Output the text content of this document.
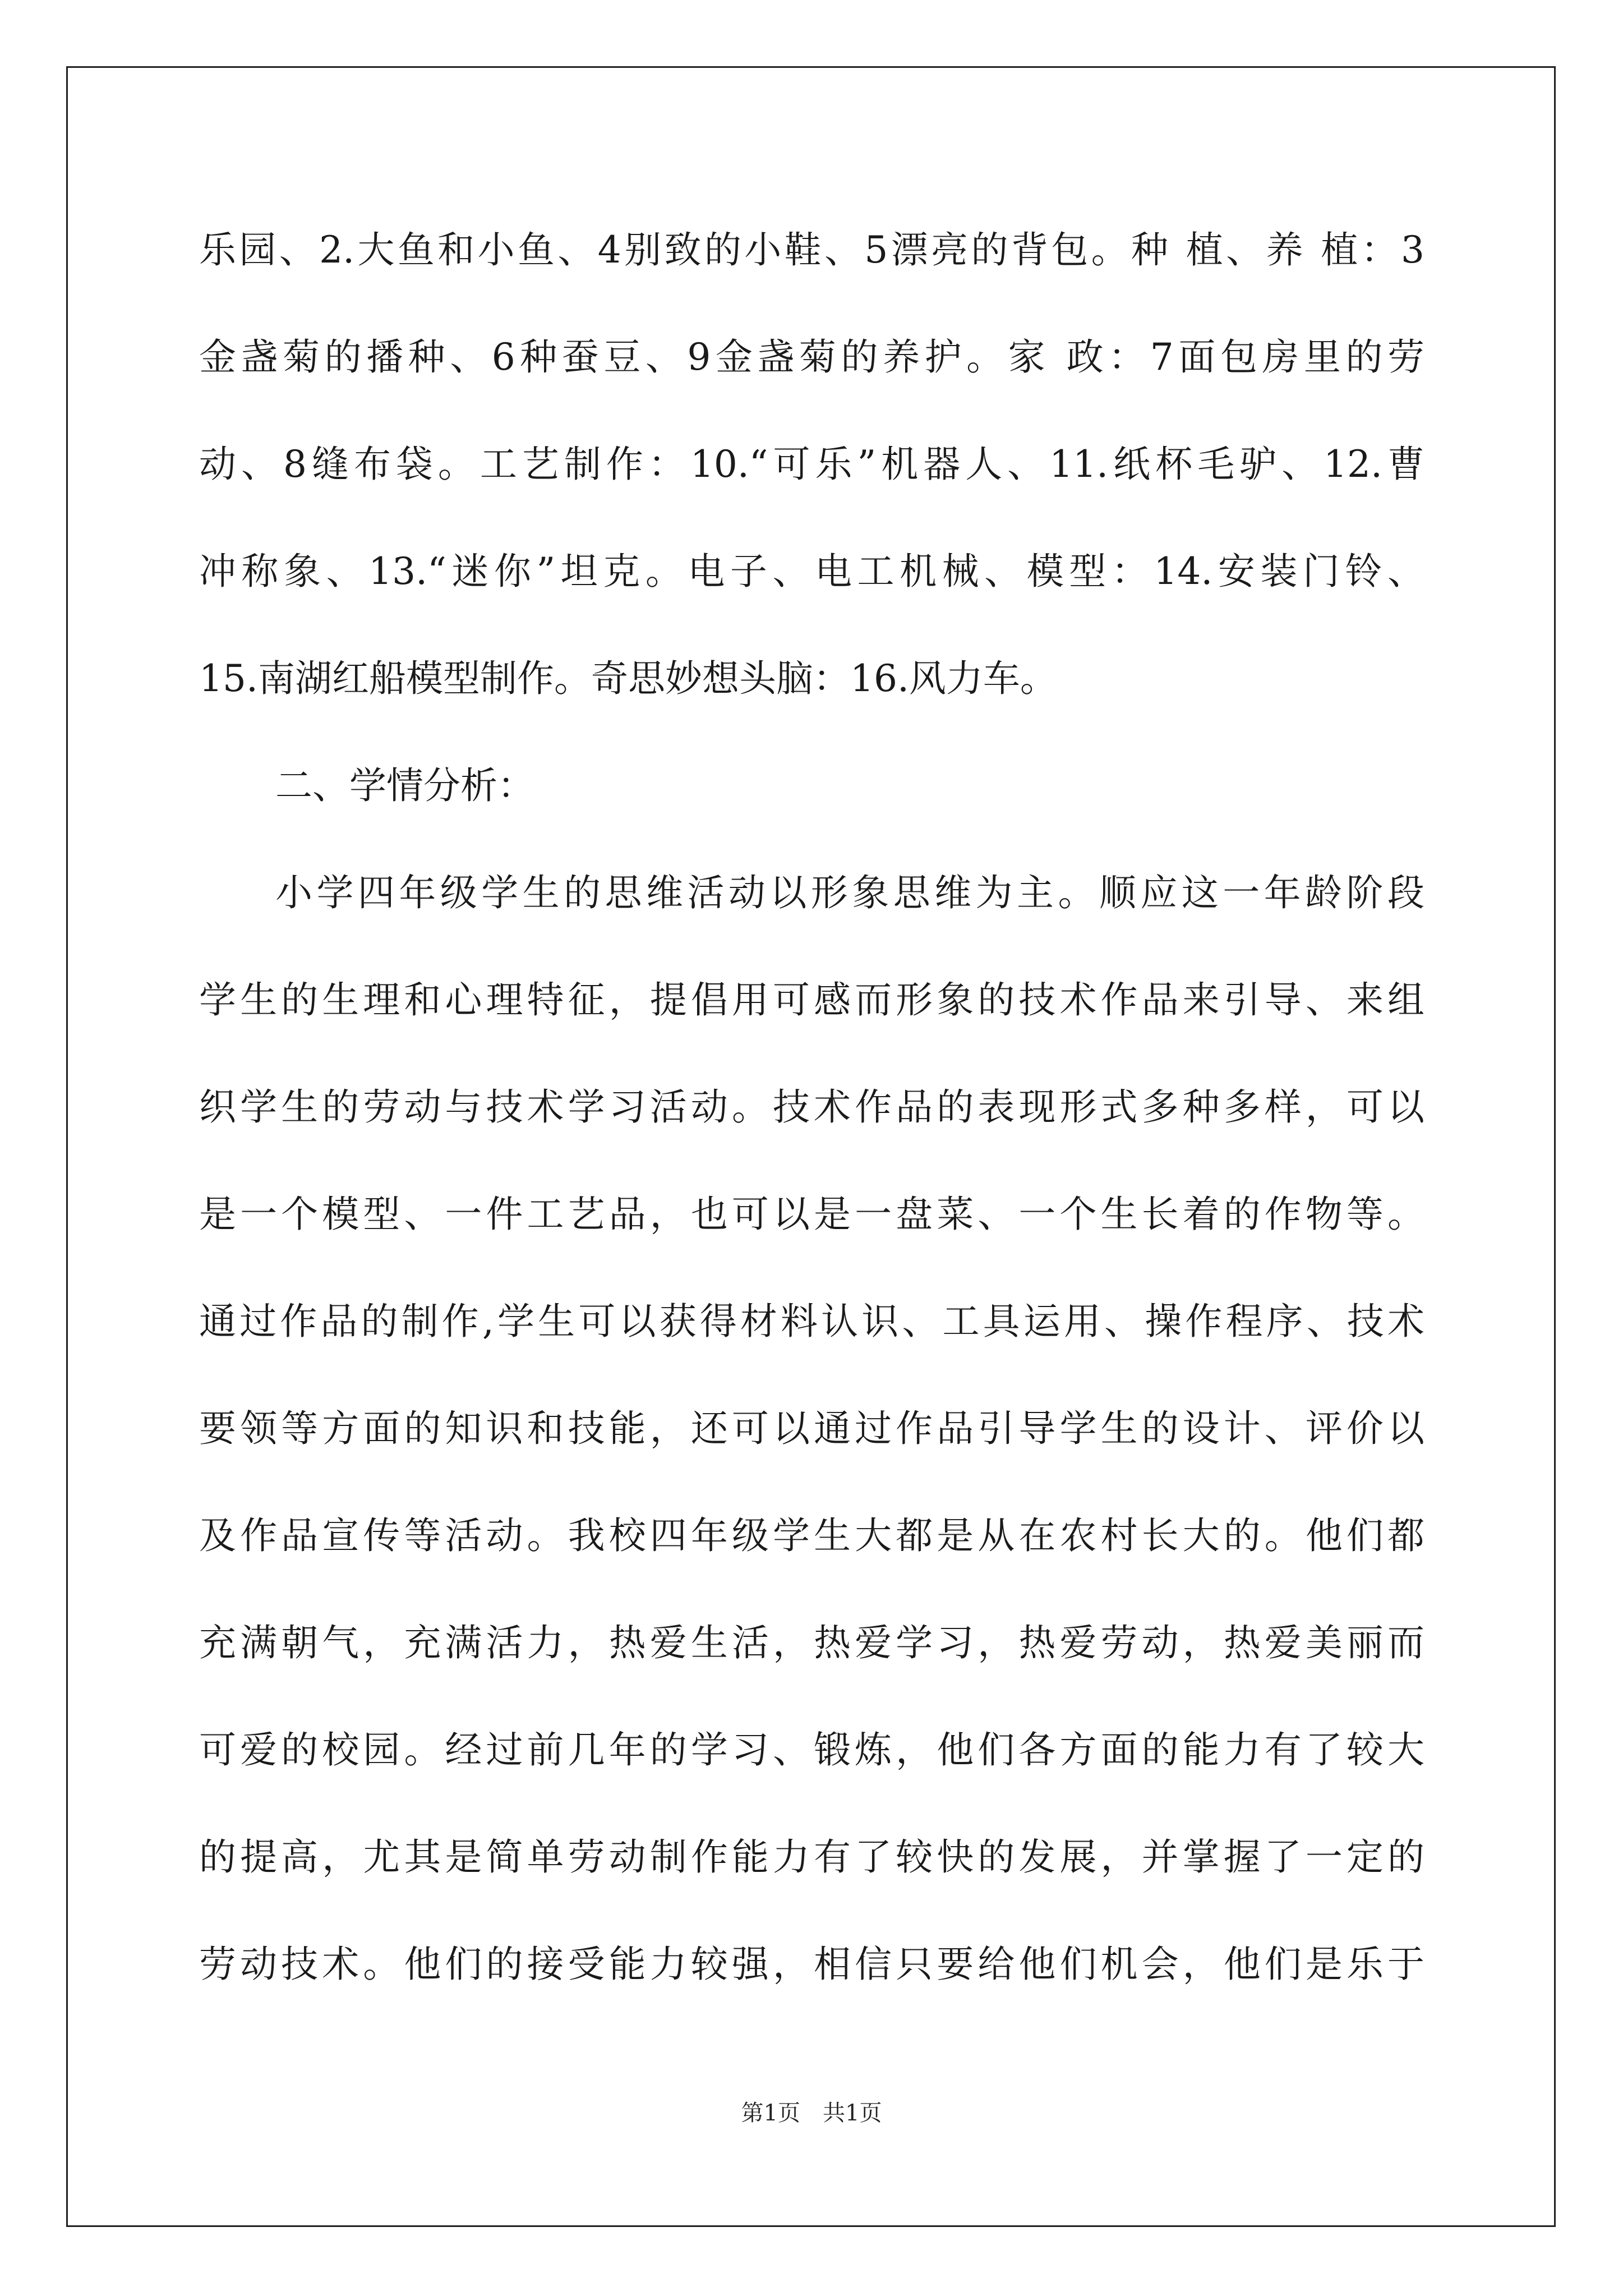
乐园、2.大鱼和小鱼、4别致的小鞋、5漂亮的背包。种 植、养 植：3
金盏菊的播种、6种蚕豆、9金盏菊的养护。家 政：7面包房里的劳
动、8缝布袋。工艺制作：10.“可乐”机器人、11.纸杯毛驴、12.曹
冲称象、13.“迷你”坦克。电子、电工机械、模型：14.安装门铃、
15.南湖红船模型制作。奇思妙想头脑：16.风力车。
二、学情分析：
小学四年级学生的思维活动以形象思维为主。顺应这一年龄阶段
学生的生理和心理特征，提倡用可感而形象的技术作品来引导、来组
织学生的劳动与技术学习活动。技术作品的表现形式多种多样，可以
是一个模型、一件工艺品，也可以是一盘菜、一个生长着的作物等。
通过作品的制作,学生可以获得材料认识、工具运用、操作程序、技术
要领等方面的知识和技能，还可以通过作品引导学生的设计、评价以
及作品宣传等活动。我校四年级学生大都是从在农村长大的。他们都
充满朝气，充满活力，热爱生活，热爱学习，热爱劳动，热爱美丽而
可爱的校园。经过前几年的学习、锻炼，他们各方面的能力有了较大
的提高，尤其是简单劳动制作能力有了较快的发展，并掌握了一定的
劳动技术。他们的接受能力较强，相信只要给他们机会，他们是乐于
第1页　共1页
